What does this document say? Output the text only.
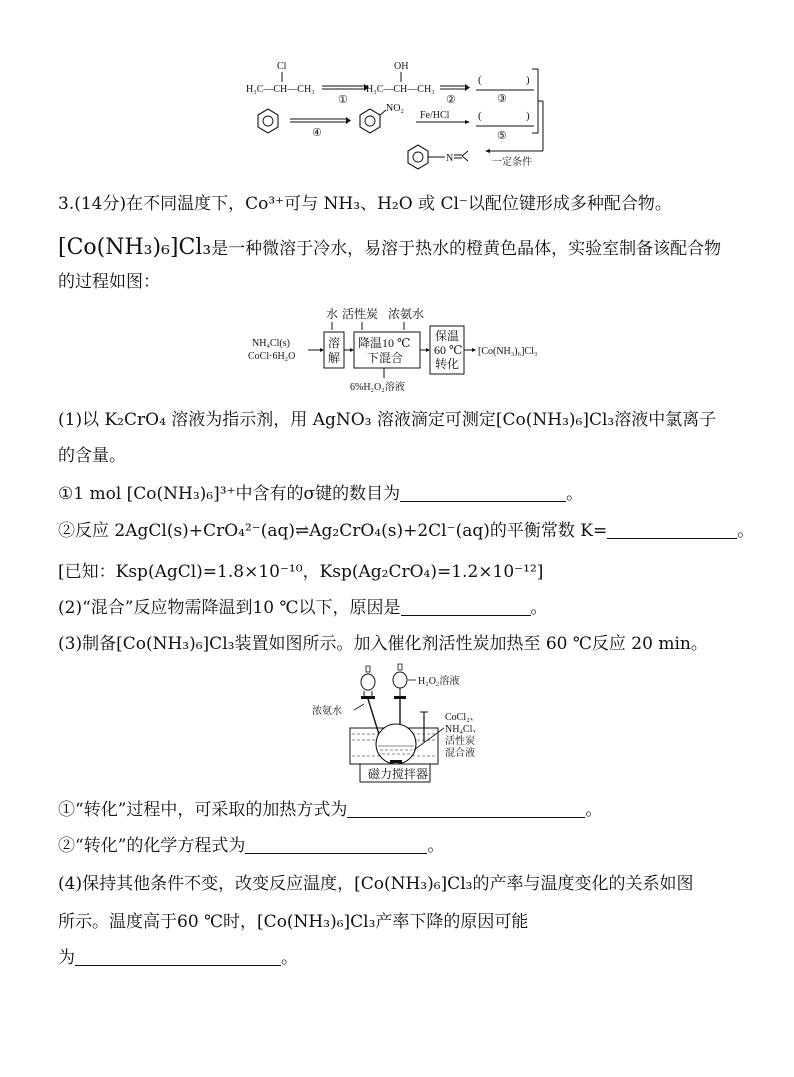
Cl
H₃C—CH—CH₃
①
OH
H₃C—CH—CH₃
②
(	)
③
④
NO₂
Fe/HCl	(	)
⑤
一定条件
N
3.(14分)在不同温度下，Co³⁺可与 NH₃、H₂O 或 Cl⁻以配位键形成多种配合物。
[Co(NH₃)₆]Cl₃是一种微溶于冷水，易溶于热水的橙黄色晶体，实验室制备该配合物
的过程如图：
NH₄Cl(s)
CoCl·6H₂O
水 活性炭 浓氨水
溶
解
降温10 ℃
下混合
6%H₂O₂溶液
保温
60 ℃
转化
[Co(NH₃)₆]Cl₃
(1)以 K₂CrO₄ 溶液为指示剂，用 AgNO₃ 溶液滴定可测定[Co(NH₃)₆]Cl₃溶液中氯离子
的含量。
①1 mol [Co(NH₃)₆]³⁺中含有的σ键的数目为	。
②反应 2AgCl(s)+CrO₄²⁻(aq)⇌Ag₂CrO₄(s)+2Cl⁻(aq)的平衡常数 K=	。
[已知：Ksp(AgCl)=1.8×10⁻¹⁰，Ksp(Ag₂CrO₄)=1.2×10⁻¹²]
(2)“混合”反应物需降温到10 ℃以下，原因是	。
(3)制备[Co(NH₃)₆]Cl₃装置如图所示。加入催化剂活性炭加热至 60 ℃反应 20 min。
H₂O₂溶液
浓氨水
CoCl₂、
NH₄Cl、
活性炭
混合液
磁力搅拌器
①“转化”过程中，可采取的加热方式为	。
②“转化”的化学方程式为	。
(4)保持其他条件不变，改变反应温度，[Co(NH₃)₆]Cl₃的产率与温度变化的关系如图
所示。温度高于60 ℃时，[Co(NH₃)₆]Cl₃产率下降的原因可能
为	。
